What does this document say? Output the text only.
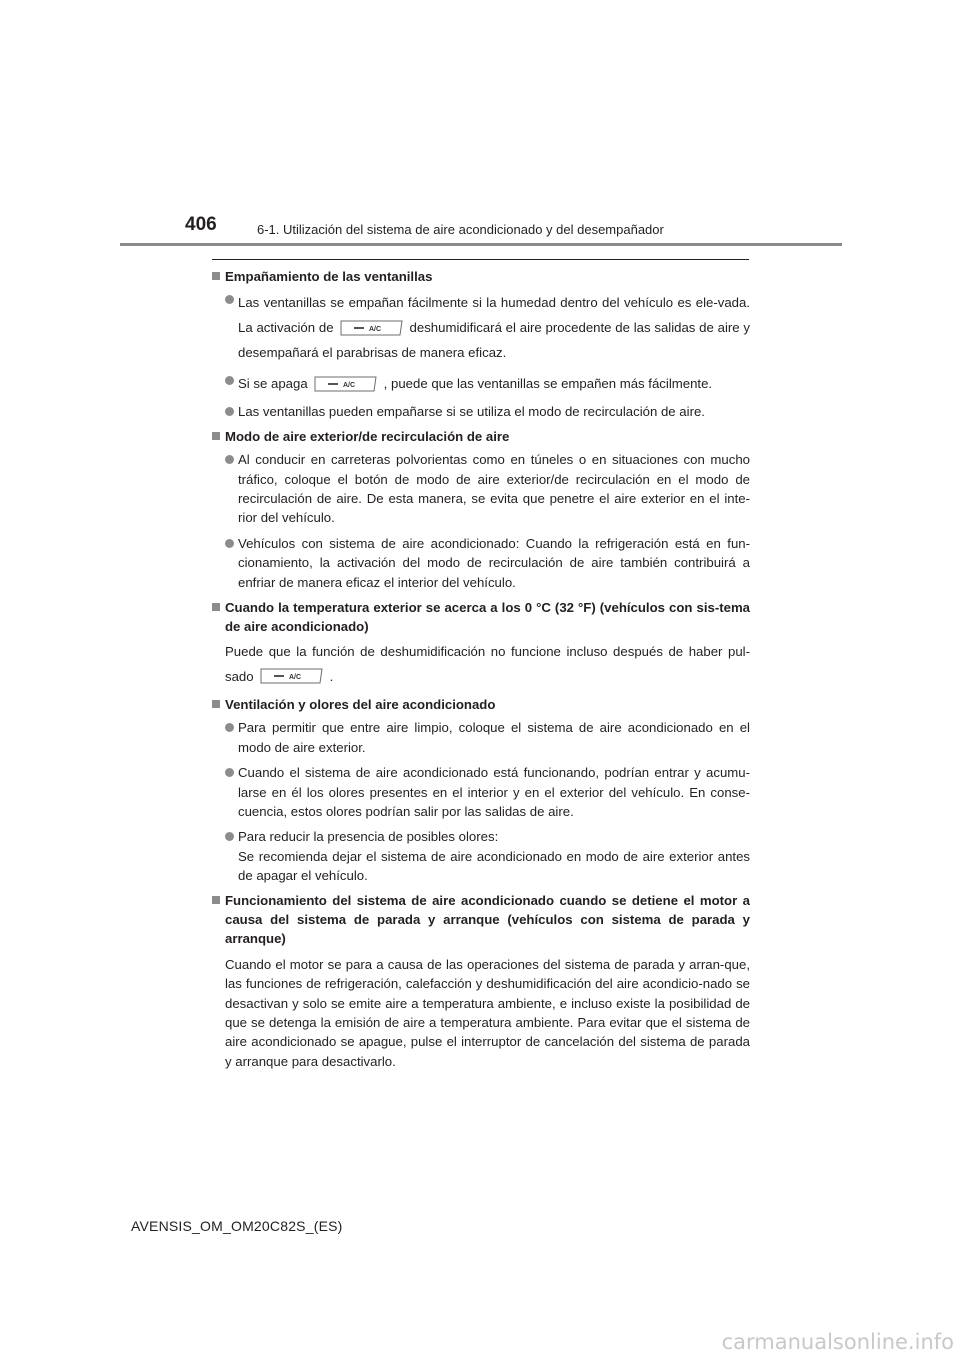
406	6-1. Utilización del sistema de aire acondicionado y del desempañador
Empañamiento de las ventanillas
Las ventanillas se empañan fácilmente si la humedad dentro del vehículo es ele-vada. La activación de	A/C deshumidificará el aire procedente de las salidas de aire y desempañará el parabrisas de manera eficaz.
Si se apaga	A/C , puede que las ventanillas se empañen más fácilmente.
Las ventanillas pueden empañarse si se utiliza el modo de recirculación de aire.
Modo de aire exterior/de recirculación de aire
Al conducir en carreteras polvorientas como en túneles o en situaciones con mucho tráfico, coloque el botón de modo de aire exterior/de recirculación en el modo de recirculación de aire. De esta manera, se evita que penetre el aire exterior en el inte-rior del vehículo.
Vehículos con sistema de aire acondicionado: Cuando la refrigeración está en fun-cionamiento, la activación del modo de recirculación de aire también contribuirá a enfriar de manera eficaz el interior del vehículo.
Cuando la temperatura exterior se acerca a los 0 °C (32 °F) (vehículos con sis-tema de aire acondicionado)
Puede que la función de deshumidificación no funcione incluso después de haber pul-sado	A/C .
Ventilación y olores del aire acondicionado
Para permitir que entre aire limpio, coloque el sistema de aire acondicionado en el modo de aire exterior.
Cuando el sistema de aire acondicionado está funcionando, podrían entrar y acumu-larse en él los olores presentes en el interior y en el exterior del vehículo. En conse-cuencia, estos olores podrían salir por las salidas de aire.
Para reducir la presencia de posibles olores:
Se recomienda dejar el sistema de aire acondicionado en modo de aire exterior antes de apagar el vehículo.
Funcionamiento del sistema de aire acondicionado cuando se detiene el motor a causa del sistema de parada y arranque (vehículos con sistema de parada y arranque)
Cuando el motor se para a causa de las operaciones del sistema de parada y arran-que, las funciones de refrigeración, calefacción y deshumidificación del aire acondicio-nado se desactivan y solo se emite aire a temperatura ambiente, e incluso existe la posibilidad de que se detenga la emisión de aire a temperatura ambiente. Para evitar que el sistema de aire acondicionado se apague, pulse el interruptor de cancelación del sistema de parada y arranque para desactivarlo.
AVENSIS_OM_OM20C82S_(ES)
carmanualsonline.info
